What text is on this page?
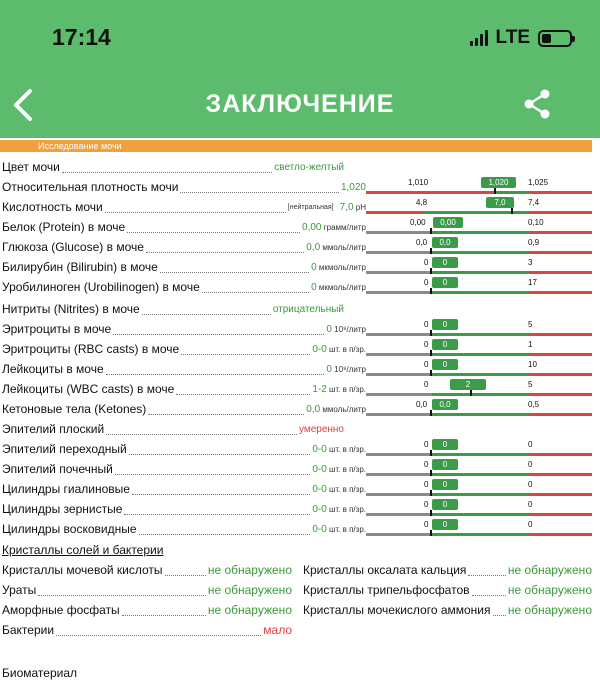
17:14	LTE
ЗАКЛЮЧЕНИЕ
Исследование мочи
Цвет мочи	светло-желтый
Относительная плотность мочи	1,020	1,010	1,025
1,020
Кислотность мочи	7,0 pH
[нейтральная]
4,8	7,4
7,0
Белок (Protein) в моче	0,00 грамм/литр
0,00	0,10
0,00
Глюкоза (Glucose) в моче	0,0 ммоль/литр
0,0	0,9
0,0
Билирубин (Bilirubin) в моче	0 мкмоль/литр
0	3
0
Уробилиноген (Urobilinogen) в моче	0 мкмоль/литр
0	17
0
Нитриты (Nitrites) в моче	отрицательный
Эритроциты в моче	0 10⁹/литр
0	5
0
Эритроциты (RBC casts) в моче	0-0 шт. в п/зр.
0	1
0
Лейкоциты в моче	0 10⁹/литр
0	10
0
Лейкоциты (WBC casts) в моче	1-2 шт. в п/зр.
0	5
2
Кетоновые тела (Ketones)	0,0 ммоль/литр
0,0	0,5
0,0
Эпителий плоский	умеренно
Эпителий переходный	0-0 шт. в п/зр.
0	0
0
Эпителий почечный	0-0 шт. в п/зр.
0	0
0
Цилиндры гиалиновые	0-0 шт. в п/зр.
0	0
0
Цилиндры зернистые	0-0 шт. в п/зр.
0	0
0
Цилиндры восковидные	0-0 шт. в п/зр.
0	0
0
Кристаллы солей и бактерии
Кристаллы мочевой кислоты	не обнаружено
Ураты	не обнаружено
Аморфные фосфаты	не обнаружено
Бактерии	мало
Кристаллы оксалата кальция	не обнаружено
Кристаллы трипельфосфатов	не обнаружено
Кристаллы мочекислого аммония не обнаружено
Биоматериал
